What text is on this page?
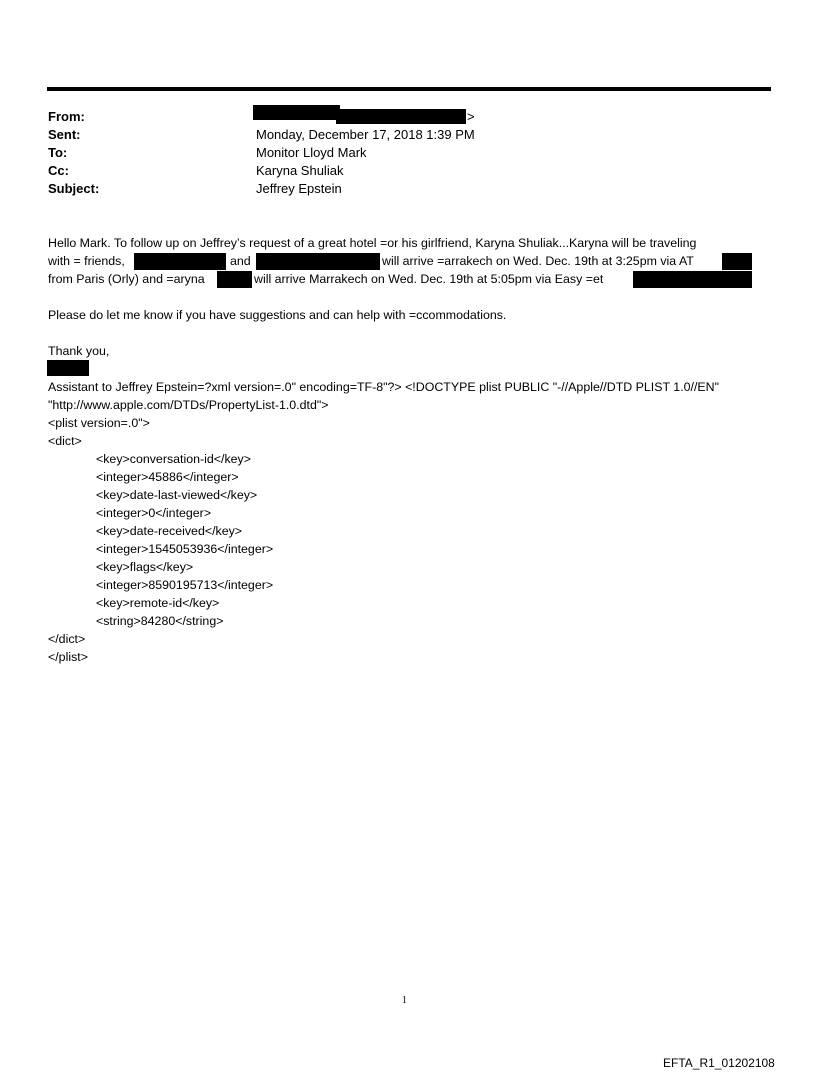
From:	>
Sent:	Monday, December 17, 2018 1:39 PM
To:	Monitor Lloyd Mark
Cc:	Karyna Shuliak
Subject:	Jeffrey Epstein
Hello Mark. To follow up on Jeffrey’s request of a great hotel =or his girlfriend, Karyna Shuliak...Karyna will be traveling
with = friends,	and	will arrive =arrakech on Wed. Dec. 19th at 3:25pm via AT
from Paris (Orly) and =aryna	will arrive Marrakech on Wed. Dec. 19th at 5:05pm via Easy =et
Please do let me know if you have suggestions and can help with =ccommodations.
Thank you,
Assistant to Jeffrey Epstein=?xml version=.0" encoding=TF-8"?> <!DOCTYPE plist PUBLIC "-//Apple//DTD PLIST 1.0//EN"
"http://www.apple.com/DTDs/PropertyList-1.0.dtd">
<plist version=.0">
<dict>
<key>conversation-id</key>
<integer>45886</integer>
<key>date-last-viewed</key>
<integer>0</integer>
<key>date-received</key>
<integer>1545053936</integer>
<key>flags</key>
<integer>8590195713</integer>
<key>remote-id</key>
<string>84280</string>
</dict>
</plist>
1
EFTA_R1_01202108
